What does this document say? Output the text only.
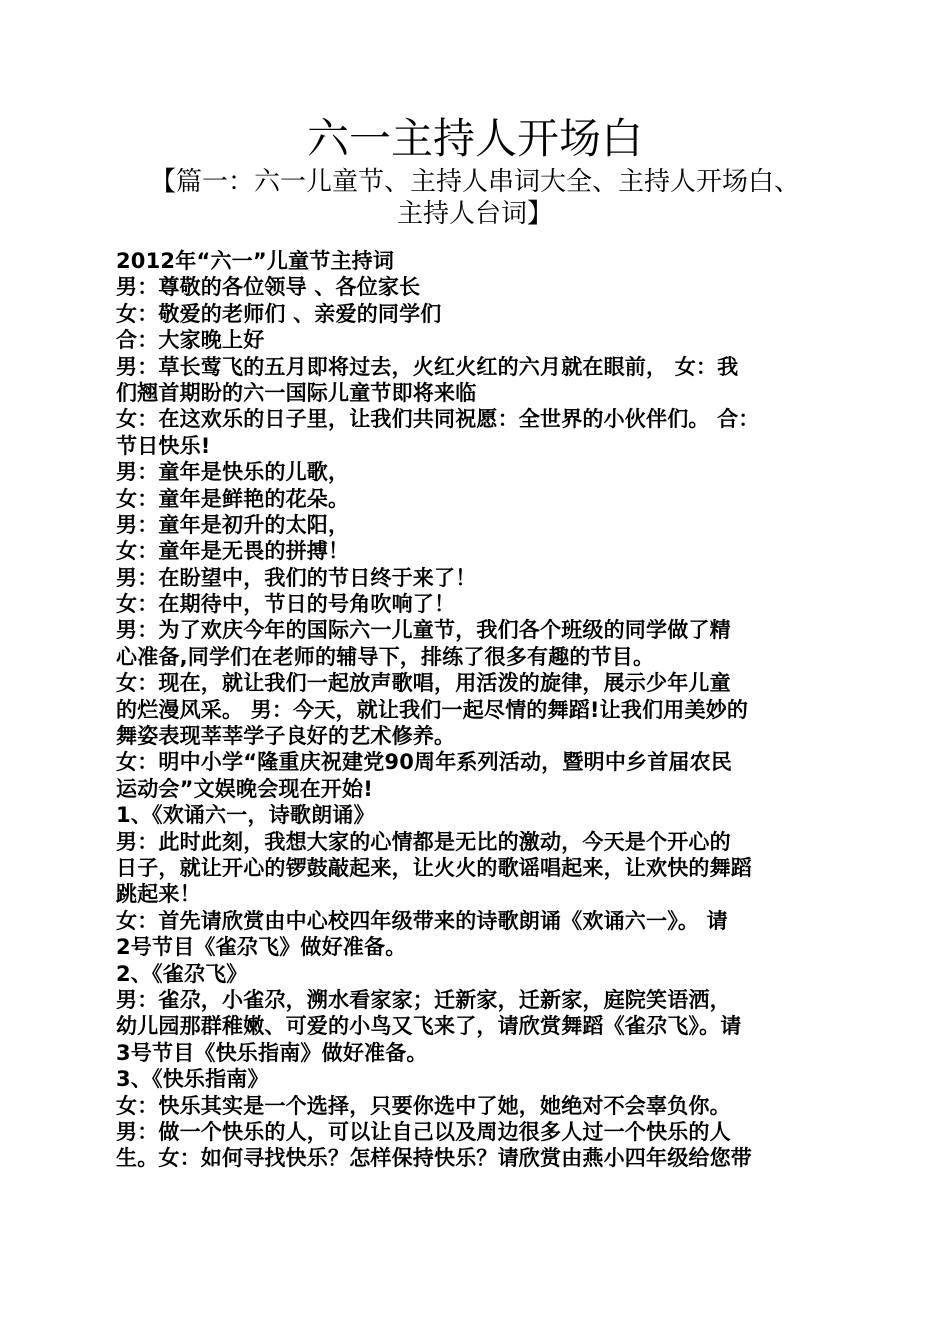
六一主持人开场白
【篇一：六一儿童节、主持人串词大全、主持人开场白、
主持人台词】
2012年“六一”儿童节主持词
男：尊敬的各位领导 、各位家长
女：敬爱的老师们 、亲爱的同学们
合：大家晚上好
男：草长莺飞的五月即将过去，火红火红的六月就在眼前， 女：我
们翘首期盼的六一国际儿童节即将来临
女：在这欢乐的日子里，让我们共同祝愿：全世界的小伙伴们。 合：
节日快乐!
男：童年是快乐的儿歌，
女：童年是鲜艳的花朵。
男：童年是初升的太阳，
女：童年是无畏的拼搏！
男：在盼望中，我们的节日终于来了！
女：在期待中，节日的号角吹响了！
男：为了欢庆今年的国际六一儿童节，我们各个班级的同学做了精
心准备,同学们在老师的辅导下，排练了很多有趣的节目。
女：现在，就让我们一起放声歌唱，用活泼的旋律，展示少年儿童
的烂漫风采。 男：今天，就让我们一起尽情的舞蹈!让我们用美妙的
舞姿表现莘莘学子良好的艺术修养。
女：明中小学“隆重庆祝建党90周年系列活动，暨明中乡首届农民
运动会”文娱晚会现在开始!
1、《欢诵六一，诗歌朗诵》
男：此时此刻，我想大家的心情都是无比的激动，今天是个开心的
日子，就让开心的锣鼓敲起来，让火火的歌谣唱起来，让欢快的舞蹈
跳起来！
女：首先请欣赏由中心校四年级带来的诗歌朗诵《欢诵六一》。 请
2号节目《雀尕飞》做好准备。
2、《雀尕飞》
男：雀尕，小雀尕，溯水看家家；迁新家，迁新家，庭院笑语洒，
幼儿园那群稚嫩、可爱的小鸟又飞来了，请欣赏舞蹈《雀尕飞》。请
3号节目《快乐指南》做好准备。
3、《快乐指南》
女：快乐其实是一个选择，只要你选中了她，她绝对不会辜负你。
男：做一个快乐的人，可以让自己以及周边很多人过一个快乐的人
生。女：如何寻找快乐？怎样保持快乐？请欣赏由燕小四年级给您带
